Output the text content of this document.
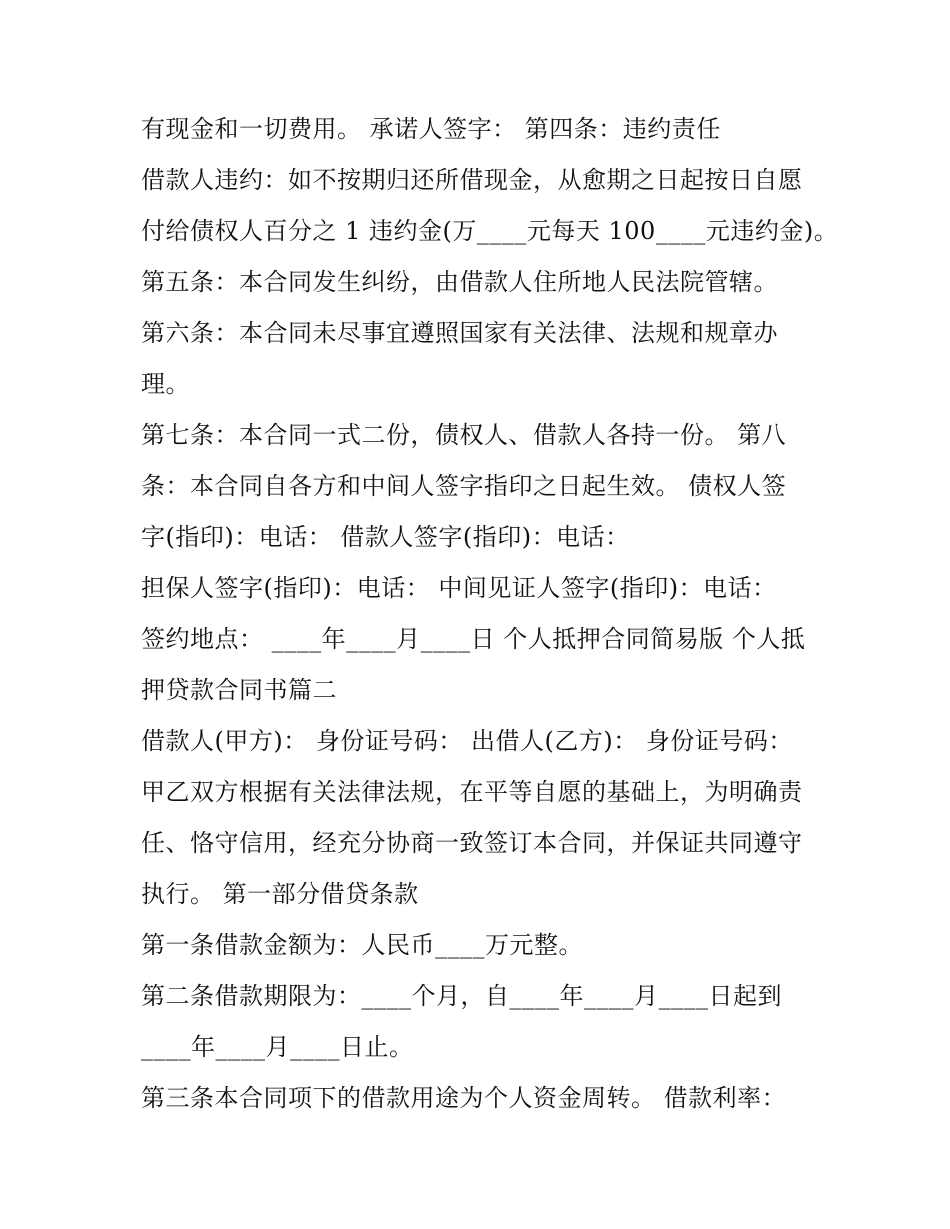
有现金和一切费用。 承诺人签字： 第四条：违约责任
借款人违约：如不按期归还所借现金，从愈期之日起按日自愿
付给债权人百分之 1 违约金(万____元每天 100____元违约金)。
第五条：本合同发生纠纷，由借款人住所地人民法院管辖。
第六条：本合同未尽事宜遵照国家有关法律、法规和规章办
理。
第七条：本合同一式二份，债权人、借款人各持一份。 第八
条：本合同自各方和中间人签字指印之日起生效。 债权人签
字(指印)：电话： 借款人签字(指印)：电话：
担保人签字(指印)：电话： 中间见证人签字(指印)：电话：
签约地点： ____年____月____日 个人抵押合同简易版 个人抵
押贷款合同书篇二
借款人(甲方)： 身份证号码： 出借人(乙方)： 身份证号码：
甲乙双方根据有关法律法规，在平等自愿的基础上，为明确责
任、恪守信用，经充分协商一致签订本合同，并保证共同遵守
执行。 第一部分借贷条款
第一条借款金额为：人民币____万元整。
第二条借款期限为：____个月，自____年____月____日起到
____年____月____日止。
第三条本合同项下的借款用途为个人资金周转。 借款利率：
